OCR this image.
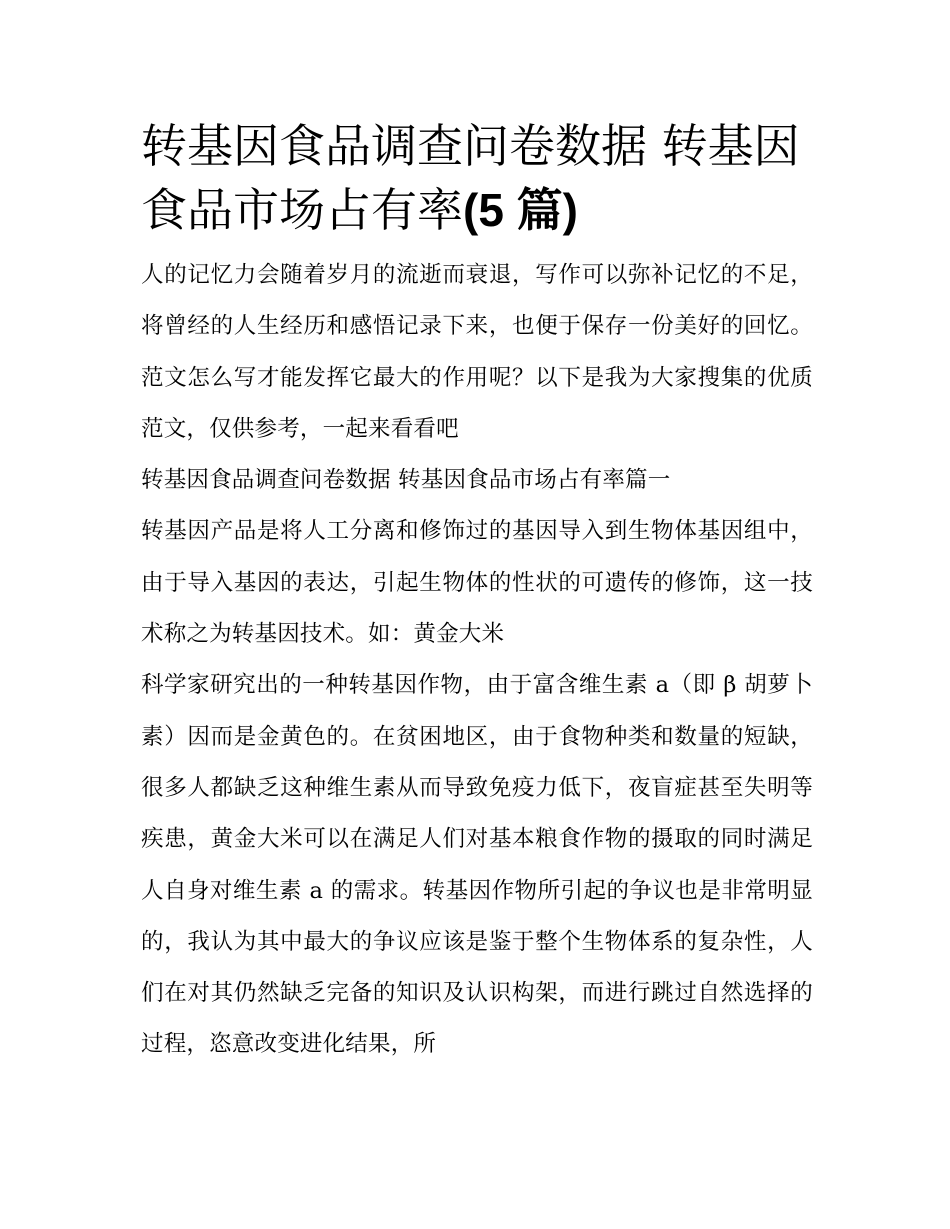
转基因食品调查问卷数据 转基因食品市场占有率(5 篇)

人的记忆力会随着岁月的流逝而衰退，写作可以弥补记忆的不足，将曾经的人生经历和感悟记录下来，也便于保存一份美好的回忆。范文怎么写才能发挥它最大的作用呢？以下是我为大家搜集的优质范文，仅供参考，一起来看看吧

转基因食品调查问卷数据 转基因食品市场占有率篇一

转基因产品是将人工分离和修饰过的基因导入到生物体基因组中，由于导入基因的表达，引起生物体的性状的可遗传的修饰，这一技术称之为转基因技术。如：黄金大米

科学家研究出的一种转基因作物，由于富含维生素 a（即 β 胡萝卜素）因而是金黄色的。在贫困地区，由于食物种类和数量的短缺，很多人都缺乏这种维生素从而导致免疫力低下，夜盲症甚至失明等疾患，黄金大米可以在满足人们对基本粮食作物的摄取的同时满足人自身对维生素 a 的需求。转基因作物所引起的争议也是非常明显的，我认为其中最大的争议应该是鉴于整个生物体系的复杂性，人们在对其仍然缺乏完备的知识及认识构架，而进行跳过自然选择的过程，恣意改变进化结果，所
